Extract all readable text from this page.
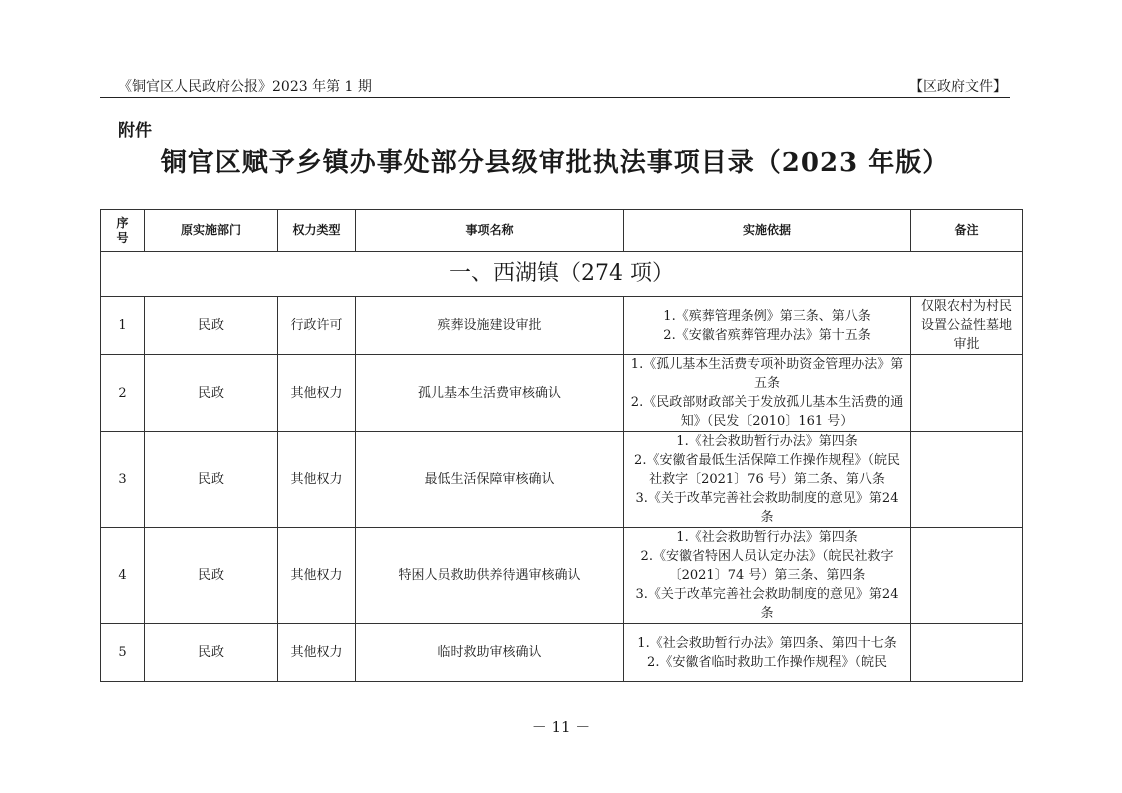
《铜官区人民政府公报》2023 年第 1 期	【区政府文件】
附件
铜官区赋予乡镇办事处部分县级审批执法事项目录（2023 年版）
序
号	原实施部门	权力类型	事项名称	实施依据	备注
一、西湖镇（274 项）					
1	民政	行政许可	殡葬设施建设审批	1.《殡葬管理条例》第三条、第八条
2.《安徽省殡葬管理办法》第十五条	仅限农村为村民设置公益性墓地审批
2	民政	其他权力	孤儿基本生活费审核确认	1.《孤儿基本生活费专项补助资金管理办法》第五条
2.《民政部财政部关于发放孤儿基本生活费的通知》（民发〔2010〕161 号）	

3	民政	其他权力	最低生活保障审核确认	1.《社会救助暂行办法》第四条
2.《安徽省最低生活保障工作操作规程》（皖民社救字〔2021〕76 号）第二条、第八条
3.《关于改革完善社会救助制度的意见》第24 条	

4	民政	其他权力	特困人员救助供养待遇审核确认	1.《社会救助暂行办法》第四条
2.《安徽省特困人员认定办法》（皖民社救字〔2021〕74 号）第三条、第四条
3.《关于改革完善社会救助制度的意见》第24 条	

5	民政	其他权力	临时救助审核确认	1.《社会救助暂行办法》第四条、第四十七条
2.《安徽省临时救助工作操作规程》（皖民	

－ 11 －
